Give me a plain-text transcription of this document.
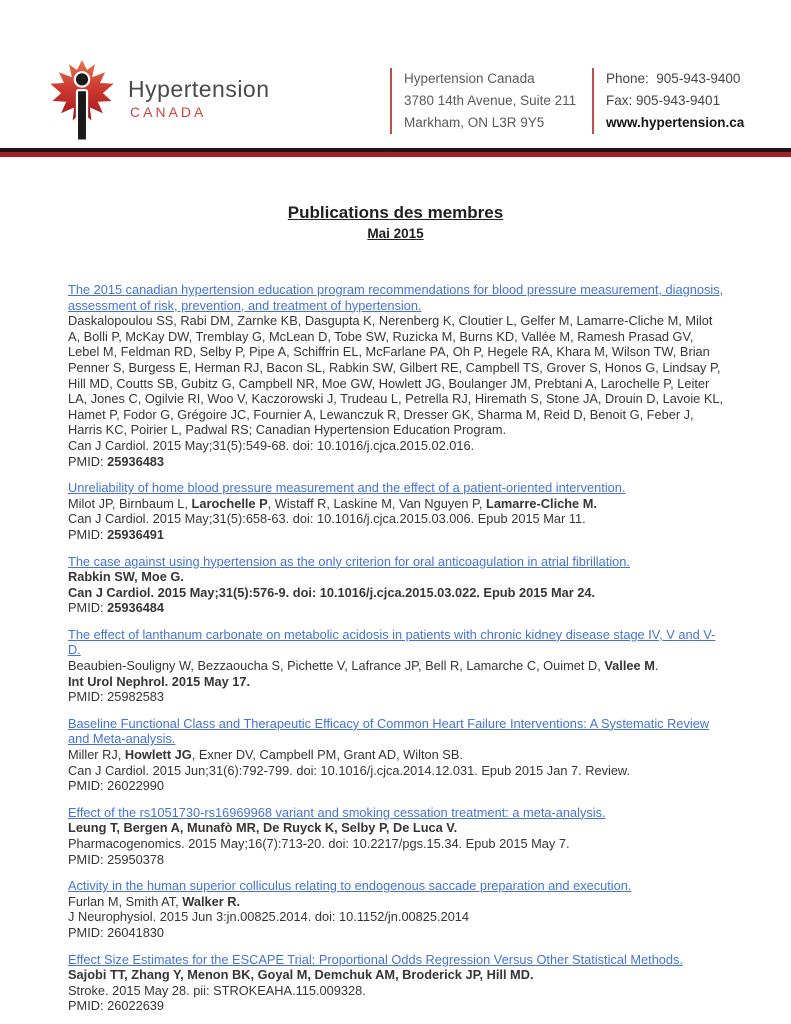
Hypertension
CANADA
Hypertension Canada
3780 14th Avenue, Suite 211
Markham, ON L3R 9Y5
Phone:  905-943-9400
Fax: 905-943-9401
www.hypertension.ca
Publications des membres
Mai 2015
The 2015 canadian hypertension education program recommendations for blood pressure measurement, diagnosis, assessment of risk, prevention, and treatment of hypertension.
Daskalopoulou SS, Rabi DM, Zarnke KB, Dasgupta K, Nerenberg K, Cloutier L, Gelfer M, Lamarre-Cliche M, Milot A, Bolli P, McKay DW, Tremblay G, McLean D, Tobe SW, Ruzicka M, Burns KD, Vallée M, Ramesh Prasad GV, Lebel M, Feldman RD, Selby P, Pipe A, Schiffrin EL, McFarlane PA, Oh P, Hegele RA, Khara M, Wilson TW, Brian Penner S, Burgess E, Herman RJ, Bacon SL, Rabkin SW, Gilbert RE, Campbell TS, Grover S, Honos G, Lindsay P, Hill MD, Coutts SB, Gubitz G, Campbell NR, Moe GW, Howlett JG, Boulanger JM, Prebtani A, Larochelle P, Leiter LA, Jones C, Ogilvie RI, Woo V, Kaczorowski J, Trudeau L, Petrella RJ, Hiremath S, Stone JA, Drouin D, Lavoie KL, Hamet P, Fodor G, Grégoire JC, Fournier A, Lewanczuk R, Dresser GK, Sharma M, Reid D, Benoit G, Feber J, Harris KC, Poirier L, Padwal RS; Canadian Hypertension Education Program.
Can J Cardiol. 2015 May;31(5):549-68. doi: 10.1016/j.cjca.2015.02.016.
PMID: 25936483
Unreliability of home blood pressure measurement and the effect of a patient-oriented intervention.
Milot JP, Birnbaum L, Larochelle P, Wistaff R, Laskine M, Van Nguyen P, Lamarre-Cliche M.
Can J Cardiol. 2015 May;31(5):658-63. doi: 10.1016/j.cjca.2015.03.006. Epub 2015 Mar 11.
PMID: 25936491
The case against using hypertension as the only criterion for oral anticoagulation in atrial fibrillation.
Rabkin SW, Moe G.
Can J Cardiol. 2015 May;31(5):576-9. doi: 10.1016/j.cjca.2015.03.022. Epub 2015 Mar 24.
PMID: 25936484
The effect of lanthanum carbonate on metabolic acidosis in patients with chronic kidney disease stage IV, V and V-D.
Beaubien-Souligny W, Bezzaoucha S, Pichette V, Lafrance JP, Bell R, Lamarche C, Ouimet D, Vallee M.
Int Urol Nephrol. 2015 May 17.
PMID: 25982583
Baseline Functional Class and Therapeutic Efficacy of Common Heart Failure Interventions: A Systematic Review and Meta-analysis.
Miller RJ, Howlett JG, Exner DV, Campbell PM, Grant AD, Wilton SB.
Can J Cardiol. 2015 Jun;31(6):792-799. doi: 10.1016/j.cjca.2014.12.031. Epub 2015 Jan 7. Review.
PMID: 26022990
Effect of the rs1051730-rs16969968 variant and smoking cessation treatment: a meta-analysis.
Leung T, Bergen A, Munafò MR, De Ruyck K, Selby P, De Luca V.
Pharmacogenomics. 2015 May;16(7):713-20. doi: 10.2217/pgs.15.34. Epub 2015 May 7.
PMID: 25950378
Activity in the human superior colliculus relating to endogenous saccade preparation and execution.
Furlan M, Smith AT, Walker R.
J Neurophysiol. 2015 Jun 3:jn.00825.2014. doi: 10.1152/jn.00825.2014
PMID: 26041830
Effect Size Estimates for the ESCAPE Trial: Proportional Odds Regression Versus Other Statistical Methods.
Sajobi TT, Zhang Y, Menon BK, Goyal M, Demchuk AM, Broderick JP, Hill MD.
Stroke. 2015 May 28. pii: STROKEAHA.115.009328.
PMID: 26022639
